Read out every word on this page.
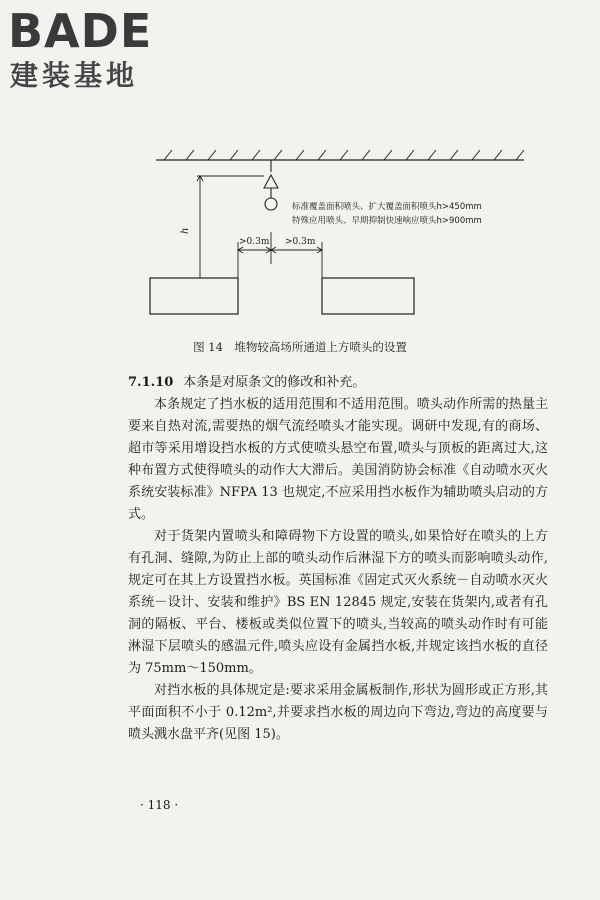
BADE
建装基地
h
>0.3m >0.3m
标准覆盖面积喷头、扩大覆盖面积喷头h>450mm
特殊应用喷头、早期抑制快速响应喷头h>900mm
图 14　堆物较高场所通道上方喷头的设置

7.1.10 本条是对原条文的修改和补充。

本条规定了挡水板的适用范围和不适用范围。喷头动作所需的热量主要来自热对流,需要热的烟气流经喷头才能实现。调研中发现,有的商场、超市等采用增设挡水板的方式使喷头悬空布置,喷头与顶板的距离过大,这种布置方式使得喷头的动作大大滞后。美国消防协会标准《自动喷水灭火系统安装标准》NFPA 13 也规定,不应采用挡水板作为辅助喷头启动的方式。

对于货架内置喷头和障碍物下方设置的喷头,如果恰好在喷头的上方有孔洞、缝隙,为防止上部的喷头动作后淋湿下方的喷头而影响喷头动作,规定可在其上方设置挡水板。英国标准《固定式灭火系统－自动喷水灭火系统－设计、安装和维护》BS EN 12845 规定,安装在货架内,或者有孔洞的隔板、平台、楼板或类似位置下的喷头,当较高的喷头动作时有可能淋湿下层喷头的感温元件,喷头应设有金属挡水板,并规定该挡水板的直径为 75mm～150mm。

对挡水板的具体规定是:要求采用金属板制作,形状为圆形或正方形,其平面面积不小于 0.12m²,并要求挡水板的周边向下弯边,弯边的高度要与喷头溅水盘平齐(见图 15)。

· 118 ·
